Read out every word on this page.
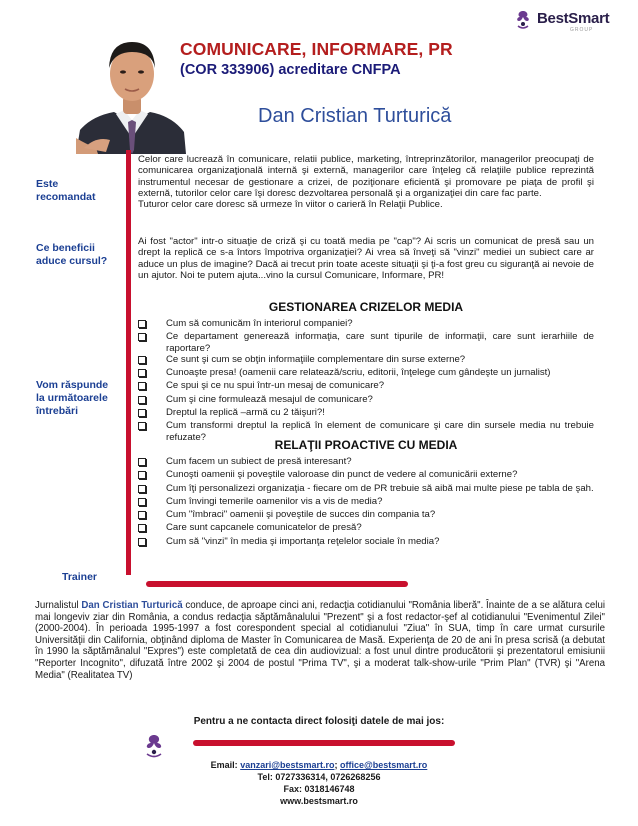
BestSmart
GROUP
COMUNICARE, INFORMARE, PR
(COR 333906) acreditare CNFPA
Dan Cristian Turturică
Este recomandat
Celor care lucrează în comunicare, relatii publice, marketing, întreprinzătorilor, managerilor preocupaţi de comunicarea organizaţională internă şi externă, managerilor care înţeleg că relaţiile publice reprezintă instrumentul necesar de gestionare a crizei, de poziţionare eficientă şi promovare pe piaţa de profil şi externă, tutorilor celor care îşi doresc dezvoltarea personală şi a organizaţiei din care fac parte.
Tuturor celor care doresc să urmeze în viitor o carieră în Relaţii Publice.
Ce beneficii aduce cursul?
Ai fost "actor" intr-o situaţie de criză şi cu toată media pe "cap"? Ai scris un comunicat de presă sau un drept la replică ce s-a întors împotriva organizaţiei? Ai vrea să înveţi să "vinzi" mediei un subiect care ar aduce un plus de imagine? Dacă ai trecut prin toate aceste situaţii şi ţi-a fost greu cu siguranţă ai nevoie de un ajutor. Noi te putem ajuta...vino la cursul Comunicare, Informare, PR!
Vom răspunde la următoarele întrebări
GESTIONAREA CRIZELOR MEDIA
Cum să comunicăm în interiorul companiei?
Ce departament generează informaţia, care sunt tipurile de informaţii, care sunt ierarhiile de raportare?
Ce sunt şi cum se obţin informaţiile complementare din surse externe?
Cunoaşte presa! (oamenii care relatează/scriu, editorii, înţelege cum gândeşte un jurnalist)
Ce spui şi ce nu spui într-un mesaj de comunicare?
Cum şi cine formulează mesajul de comunicare?
Dreptul la replică –armă cu 2 tăişuri?!
Cum transformi dreptul la replică în element de comunicare şi care din sursele media nu trebuie refuzate?
RELAŢII PROACTIVE CU MEDIA
Cum facem un subiect de presă interesant?
Cunoşti oamenii şi poveştile valoroase din punct de vedere al comunicării externe?
Cum îţi personalizezi organizaţia - fiecare om de PR trebuie să aibă mai multe piese pe tabla de şah.
Cum învingi temerile oamenilor vis a vis de media?
Cum "îmbraci" oamenii şi poveştile de succes din compania ta?
Care sunt capcanele comunicatelor de presă?
Cum să "vinzi" în media şi importanţa reţelelor sociale în media?
Trainer
Jurnalistul Dan Cristian Turturică conduce, de aproape cinci ani, redacţia cotidianului "România liberă". Înainte de a se alătura celui mai longeviv ziar din România, a condus redacţia săptămânalului "Prezent" şi a fost redactor-şef al cotidianului "Evenimentul Zilei" (2000-2004). În perioada 1995-1997 a fost corespondent special al cotidianului "Ziua" în SUA, timp în care urmat cursurile Universităţii din California, obţinând diploma de Master în Comunicarea de Masă. Experienţa de 20 de ani în presa scrisă (a debutat în 1990 la săptămânalul "Expres") este completată de cea din audiovizual: a fost unul dintre producătorii şi prezentatorul emisiunii "Reporter Incognito", difuzată între 2002 şi 2004 de postul "Prima TV", şi a moderat talk-show-urile "Prim Plan" (TVR) şi "Arena Media" (Realitatea TV)
Pentru a ne contacta direct folosiţi datele de mai jos:
Email: vanzari@bestsmart.ro; office@bestsmart.ro
Tel: 0727336314, 0726268256
Fax: 0318146748
www.bestsmart.ro
